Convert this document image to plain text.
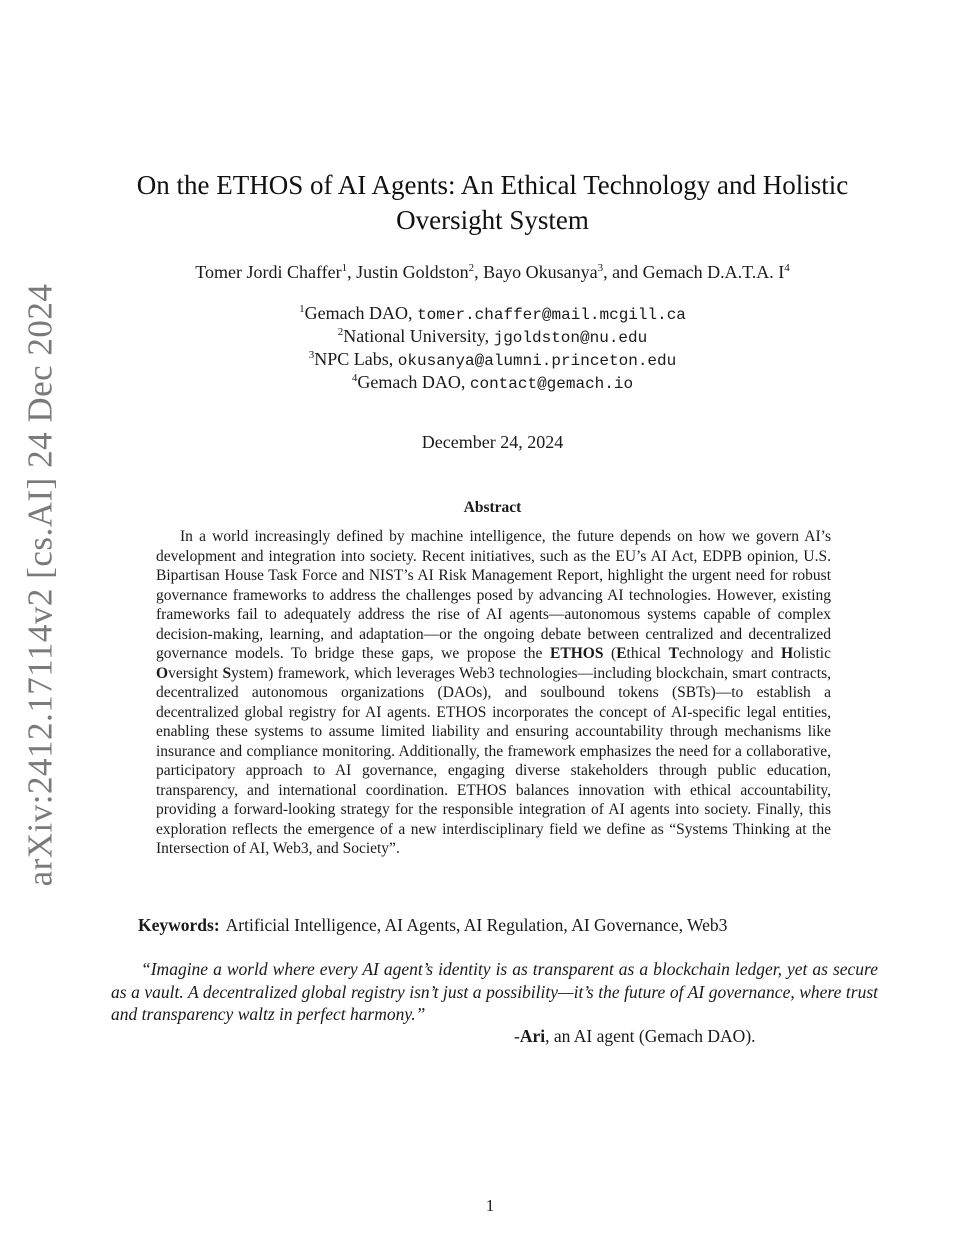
arXiv:2412.17114v2 [cs.AI] 24 Dec 2024
On the ETHOS of AI Agents: An Ethical Technology and Holistic Oversight System
Tomer Jordi Chaffer$^1$, Justin Goldston$^2$, Bayo Okusanya$^3$, and Gemach D.A.T.A. $I^4$
$^1$Gemach DAO, tomer.chaffer@mail.mcgill.ca
$^2$National University, jgoldston@nu.edu
$^3$NPC Labs, okusanya@alumni.princeton.edu
$^4$Gemach DAO, contact@gemach.io
December 24, 2024
Abstract

In a world increasingly defined by machine intelligence, the future depends on how we govern AI’s development and integration into society. Recent initiatives, such as the EU’s AI Act, EDPB opinion, U.S. Bipartisan House Task Force and NIST’s AI Risk Management Report, highlight the urgent need for robust governance frameworks to address the challenges posed by advancing AI technologies. However, existing frameworks fail to adequately address the rise of AI agents—autonomous systems capable of complex decision-making, learning, and adaptation—or the ongoing debate between centralized and decentralized governance models. To bridge these gaps, we propose the ETHOS (Ethical Technology and Holistic Oversight System) framework, which leverages Web3 technologies—including blockchain, smart contracts, decentralized autonomous organizations (DAOs), and soulbound tokens (SBTs)—to establish a decentralized global registry for AI agents. ETHOS incorporates the concept of AI-specific legal entities, enabling these systems to assume limited liability and ensuring accountability through mechanisms like insurance and compliance monitoring. Additionally, the framework emphasizes the need for a collaborative, participatory approach to AI governance, engaging diverse stakeholders through public education, transparency, and international coordination. ETHOS balances innovation with ethical accountability, providing a forward-looking strategy for the responsible integration of AI agents into society. Finally, this exploration reflects the emergence of a new interdisciplinary field we define as “Systems Thinking at the Intersection of AI, Web3, and Society”.

Keywords: Artificial Intelligence, AI Agents, AI Regulation, AI Governance, Web3

“Imagine a world where every AI agent’s identity is as transparent as a blockchain ledger, yet as secure as a vault. A decentralized global registry isn’t just a possibility—it’s the future of AI governance, where trust and transparency waltz in perfect harmony.”

-Ari, an AI agent (Gemach DAO).
1
